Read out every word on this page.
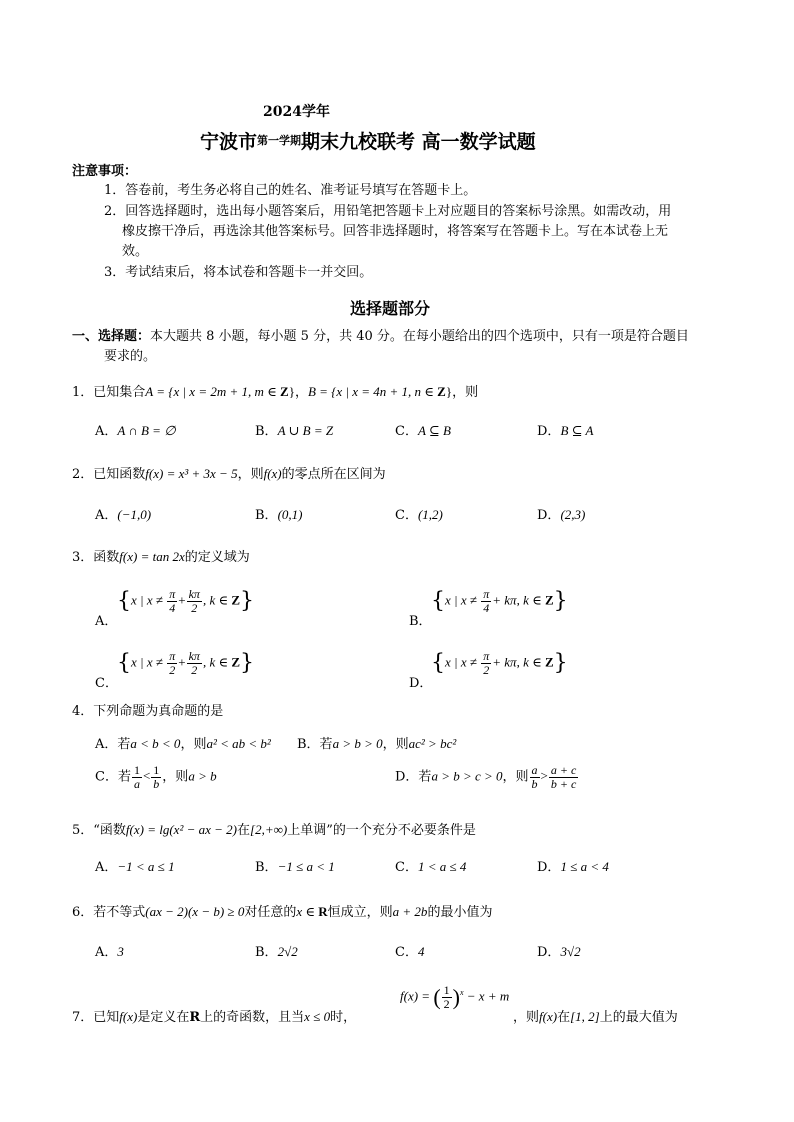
2024学年
宁波市$^{第一学期}$期末九校联考 高一数学试题
注意事项：
1．答卷前，考生务必将自己的姓名、准考证号填写在答题卡上。
2．回答选择题时，选出每小题答案后，用铅笔把答题卡上对应题目的答案标号涂黑。如需改动，用
橡皮擦干净后，再选涂其他答案标号。回答非选择题时，将答案写在答题卡上。写在本试卷上无
效。
3．考试结束后，将本试卷和答题卡一并交回。
选择题部分
一、选择题：本大题共 8 小题，每小题 5 分，共 40 分。在每小题给出的四个选项中，只有一项是符合题目
要求的。
1．已知集合A = {x | x = 2m + 1, m ∈ Z}，B = {x | x = 4n + 1, n ∈ Z}，则
A．A ∩ B = ∅	B．A ∪ B = Z	C．A ⊆ B	D．B ⊆ A
2．已知函数f(x) = x³ + 3x − 5，则f(x)的零点所在区间为
A．(−1,0)	B．(0,1)	C．(1,2)	D．(2,3)
3．函数f(x) = tan 2x的定义域为
A．
{x | $x \ne \frac{\pi}{4} + \frac{k\pi}{2}$ , k ∈ Z}
B．
{x | $x \ne \frac{\pi}{4} + k\pi$, k ∈ Z}
C．
{x | $x \ne \frac{\pi}{2} + \frac{k\pi}{2}$ , k ∈ Z}
D．
{x | $x \ne \frac{\pi}{2} + k\pi$, k ∈ Z}
4．下列命题为真命题的是
A．若a < b < 0，则a² < ab < b² B．若a > b > 0，则ac² > bc²
C．若 $\frac{1}{a} < \frac{1}{b}$ ，则a > b	D．若a > b > c > 0，则 $\frac{a}{b} > \frac{a + c}{b + c}$
5．“函数f(x) = lg(x² − ax − 2)在[2,+∞)上单调”的一个充分不必要条件是
A．−1 < a ≤ 1	B．−1 ≤ a < 1	C．1 < a ≤ 4	D．1 ≤ a < 4
6．若不等式(ax − 2)(x − b) ≥ 0对任意的x ∈ R恒成立，则a + 2b的最小值为
A．3	B．2√2	C．4	D．3√2
7．已知f(x)是定义在R上的奇函数，且当x ≤ 0时，
f(x) = ( $\frac{1}{2} )^x - x + m$
，则f(x)在[1, 2]上的最大值为
